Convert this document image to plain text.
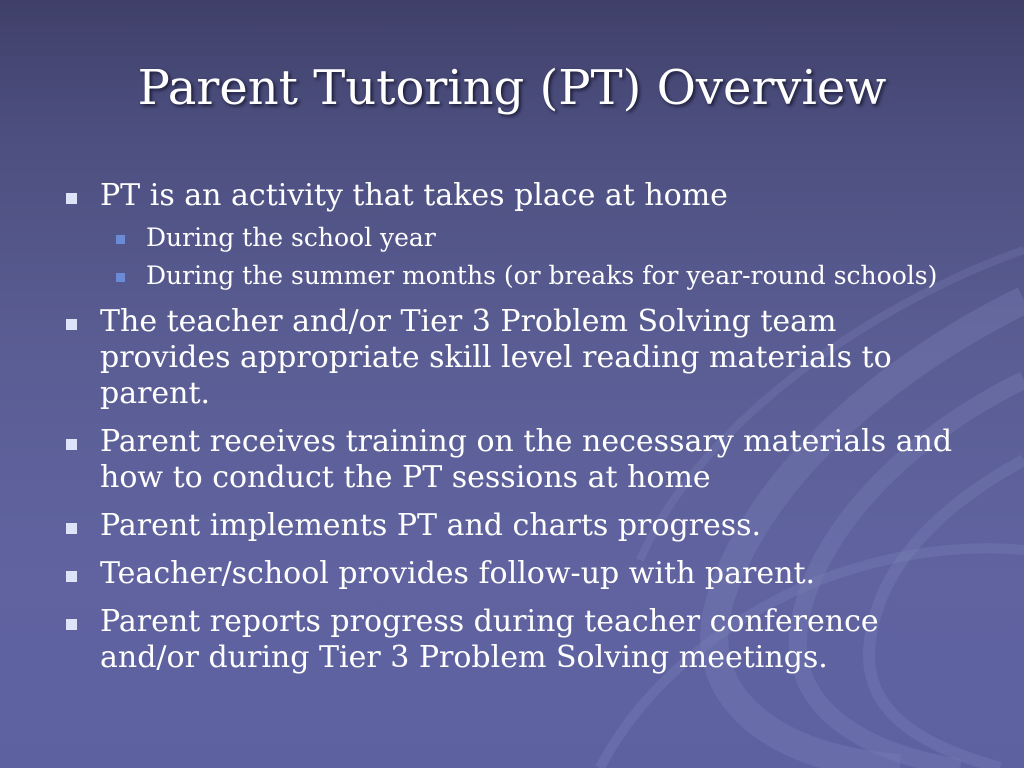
Parent Tutoring (PT) Overview
PT is an activity that takes place at home
During the school year
During the summer months (or breaks for year-round schools)
The teacher and/or Tier 3 Problem Solving team provides appropriate skill level reading materials to parent.
Parent receives training on the necessary materials and how to conduct the PT sessions at home
Parent implements PT and charts progress.
Teacher/school provides follow-up with parent.
Parent reports progress during teacher conference and/or during Tier 3 Problem Solving meetings.
